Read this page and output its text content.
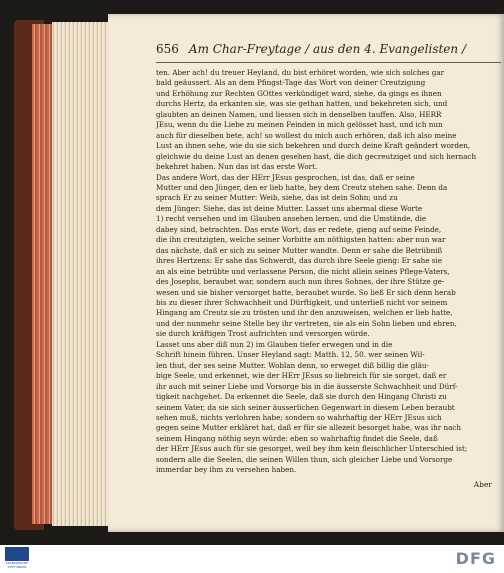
656 Am Char-Freytage / aus den 4. Evangelisten /
ten. Aber ach! du treuer Heyland, du bist erhöret worden, wie sich solches gar
bald geäussert. Als an dem Pfingst-Tage das Wort von deiner Creutzigung
und Erhöhung zur Rechten GOttes verkündiget ward, siehe, da gings es ihnen
durchs Hertz, da erkanten sie, was sie gethan hatten, und bekehreten sich, und
glaubten an deinen Namen, und liessen sich in denselben tauffen. Also, HERR
JEsu, wenn du die Liebe zu meinen Feinden in mich gelösset hast, und ich nun
auch für dieselben bete, ach! so wollest du mich auch erhören, daß ich also meine
Lust an ihnen sehe, wie du sie sich bekehren und durch deine Kraft geändert worden,
gleichwie du deine Lust an denen gesehen hast, die dich gecreutziget und sich hernach
bekehret haben. Nun das ist das erste Wort.
Das andere Wort, das der HErr JEsus gesprochen, ist das, daß er seine
Mutter und den Jünger, den er lieb hatte, bey dem Creutz stehen sahe. Denn da
sprach Er zu seiner Mutter: Weib, siehe, das ist dein Sohn; und zu
dem Jünger: Siehe, das ist deine Mutter. Lasset uns abermal diese Worte
1) recht versehen und im Glauben ansehen lernen, und die Umstände, die
dabey sind, betrachten. Das erste Wort, das er redete, gieng auf seine Feinde,
die ihn creutzigten, welche seiner Vorbitte am nöthigsten hatten: aber nun war
das nächste, daß er sich zu seiner Mutter wandte. Denn er sahe die Betrübniß
ihres Hertzens: Er sahe das Schwerdt, das durch ihre Seele gieng: Er sahe sie
an als eine betrübte und verlassene Person, die nicht allein seines Pflege-Vaters,
des Josephs, beraubet war, sondern auch nun ihres Sohnes, der ihre Stütze ge-
wesen und sie bisher versorget hatte, beraubet wurde. So ließ Er sich denn herab
bis zu dieser ihrer Schwachheit und Dürftigkeit, und unterließ nicht vor seinem
Hingang am Creutz sie zu trösten und ihr den anzuweisen, welchen er lieb hatte,
und der nunmehr seine Stelle bey ihr vertreten, sie als ein Sohn lieben und ehren,
sie durch kräftigen Trost aufrichten und versorgen würde.
Lasset uns aber diß nun 2) im Glauben tiefer erwegen und in die
Schrift hinein führen. Unser Heyland sagt: Matth. 12, 50. wer seinen Wil-
len thut, der ses seine Mutter. Woblan denn, so erweget diß billig die gläu-
bige Seele, und erkennet, wie der HErr JEsus so liebreich für sie sorget, daß er
ihr auch mit seiner Liebe und Vorsorge bis in die äusserste Schwachheit und Dürf-
tigkeit nachgehet. Da erkennet die Seele, daß sie durch den Hingang Christi zu
seinem Vater, da sie sich seiner äusserlichen Gegenwart in diesem Leben beraubt
sehen muß, nichts verlohren habe; sondern so wahrhaftig der HErr JEsus sich
gegen seine Mutter erkläret hat, daß er für sie allezeit besorget habe, was ihr nach
seinem Hingang nöthig seyn würde: eben so wahrhaftig findet die Seele, daß
der HErr JEsus auch für sie gesorget, weil bey ihm kein fleischlicher Unterschied ist;
sondern alle die Seelen, die seinen Willen thun, sich gleicher Liebe und Vorsorge
immerdar bey ihm zu versehen haben.
Aber
FRANCKESCHE STIFTUNGEN	DFG
